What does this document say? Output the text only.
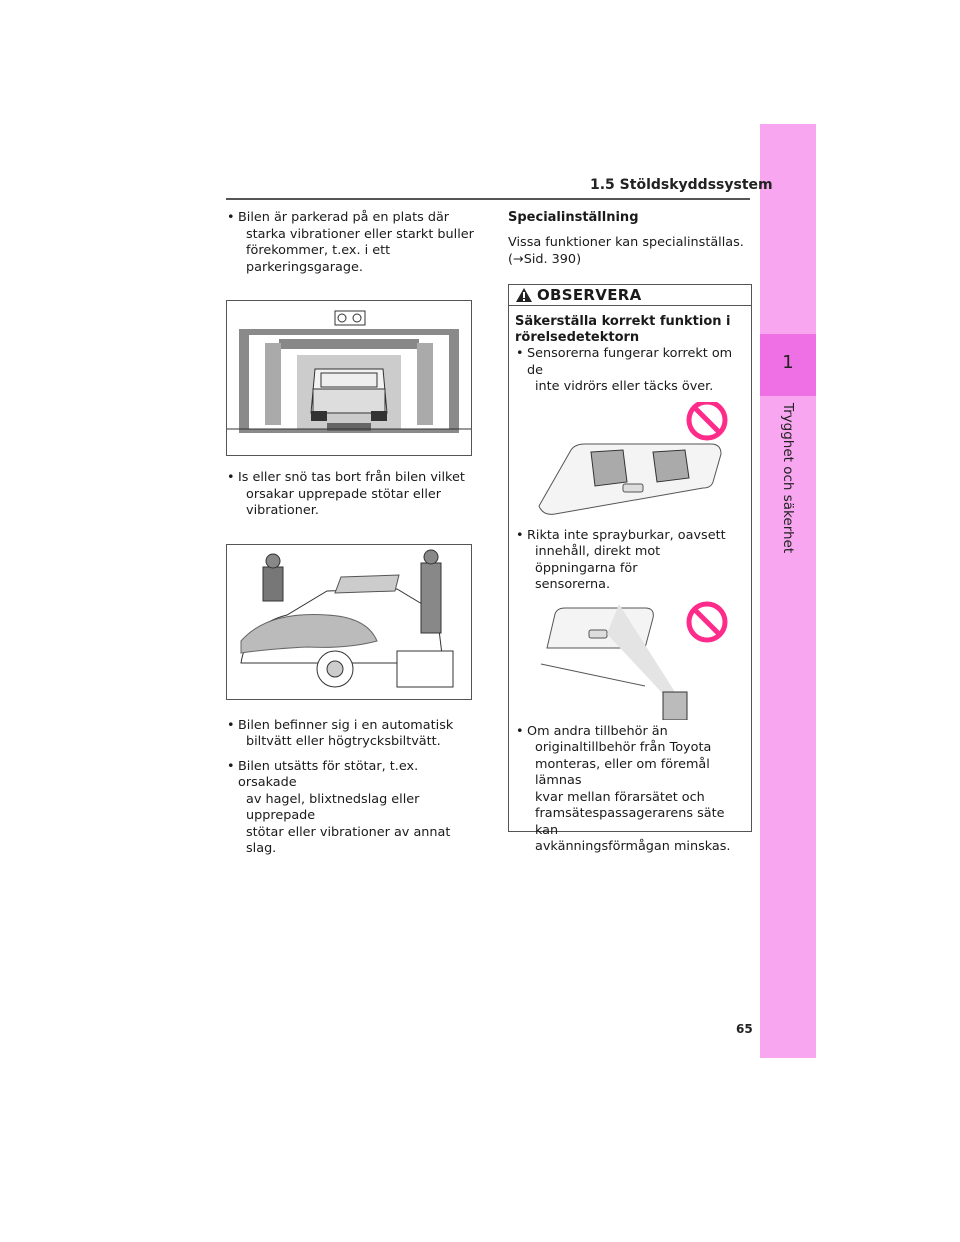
1
Trygghet och säkerhet
1.5 Stöldskyddssystem

• Bilen är parkerad på en plats där
starka vibrationer eller starkt buller
förekommer, t.ex. i ett
parkeringsgarage.

• Is eller snö tas bort från bilen vilket
orsakar upprepade stötar eller
vibrationer.

• Bilen befinner sig i en automatisk
biltvätt eller högtrycksbiltvätt.

• Bilen utsätts för stötar, t.ex. orsakade
av hagel, blixtnedslag eller upprepade
stötar eller vibrationer av annat slag.

Specialinställning

Vissa funktioner kan specialinställas.
(→Sid. 390)

OBSERVERA

Säkerställa korrekt funktion i
rörelsedetektorn

• Sensorerna fungerar korrekt om de
inte vidrörs eller täcks över.

• Rikta inte sprayburkar, oavsett
innehåll, direkt mot öppningarna för
sensorerna.

• Om andra tillbehör än
originaltillbehör från Toyota
monteras, eller om föremål lämnas
kvar mellan förarsätet och
framsätespassagerarens säte kan
avkänningsförmågan minskas.

65
